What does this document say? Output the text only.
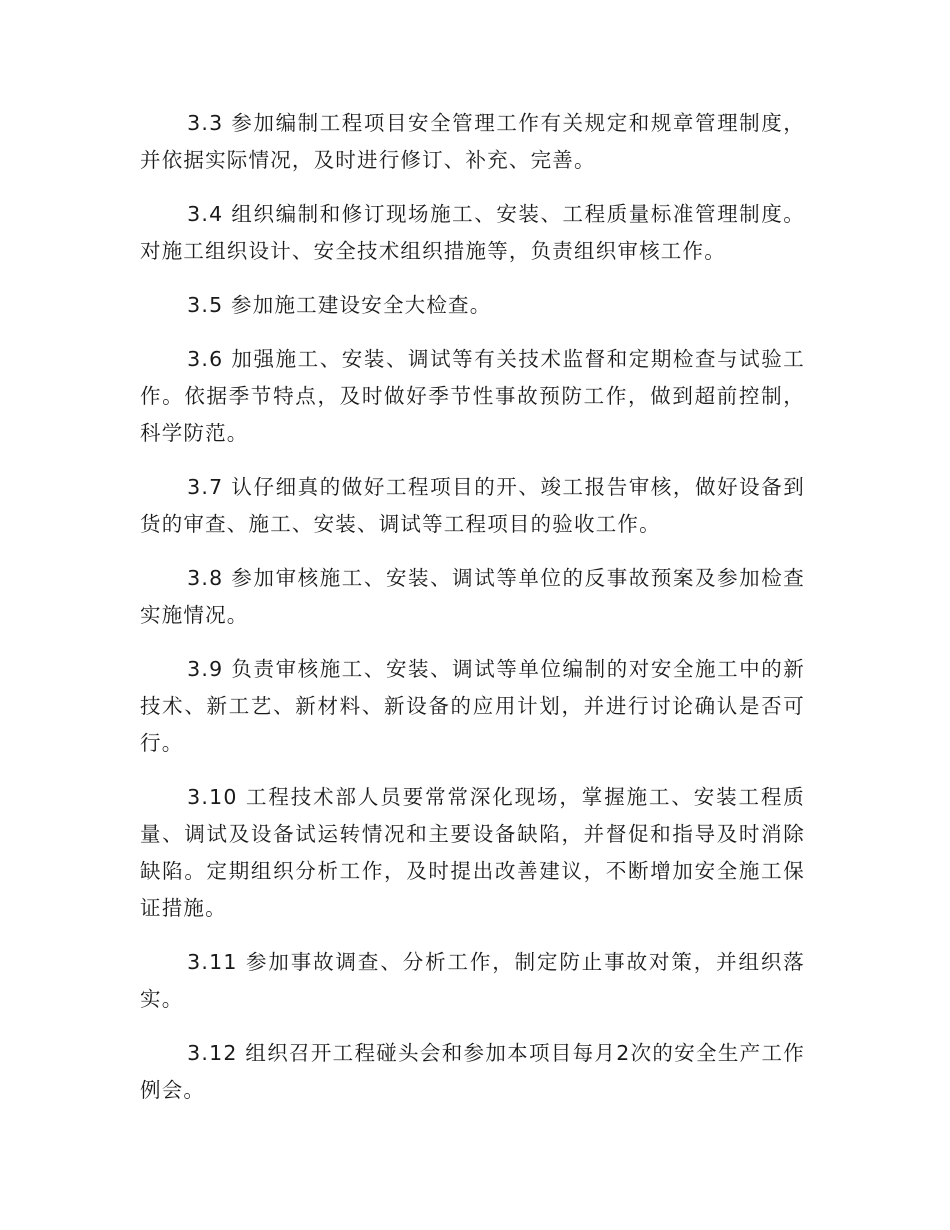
3.3 参加编制工程项目安全管理工作有关规定和规章管理制度，并依据实际情况，及时进行修订、补充、完善。

3.4 组织编制和修订现场施工、安装、工程质量标准管理制度。对施工组织设计、安全技术组织措施等，负责组织审核工作。

3.5 参加施工建设安全大检查。

3.6 加强施工、安装、调试等有关技术监督和定期检查与试验工作。依据季节特点，及时做好季节性事故预防工作，做到超前控制，科学防范。

3.7 认仔细真的做好工程项目的开、竣工报告审核，做好设备到货的审查、施工、安装、调试等工程项目的验收工作。

3.8 参加审核施工、安装、调试等单位的反事故预案及参加检查实施情况。

3.9 负责审核施工、安装、调试等单位编制的对安全施工中的新技术、新工艺、新材料、新设备的应用计划，并进行讨论确认是否可行。

3.10 工程技术部人员要常常深化现场，掌握施工、安装工程质量、调试及设备试运转情况和主要设备缺陷，并督促和指导及时消除缺陷。定期组织分析工作，及时提出改善建议，不断增加安全施工保证措施。

3.11 参加事故调查、分析工作，制定防止事故对策，并组织落实。

3.12 组织召开工程碰头会和参加本项目每月2次的安全生产工作例会。
